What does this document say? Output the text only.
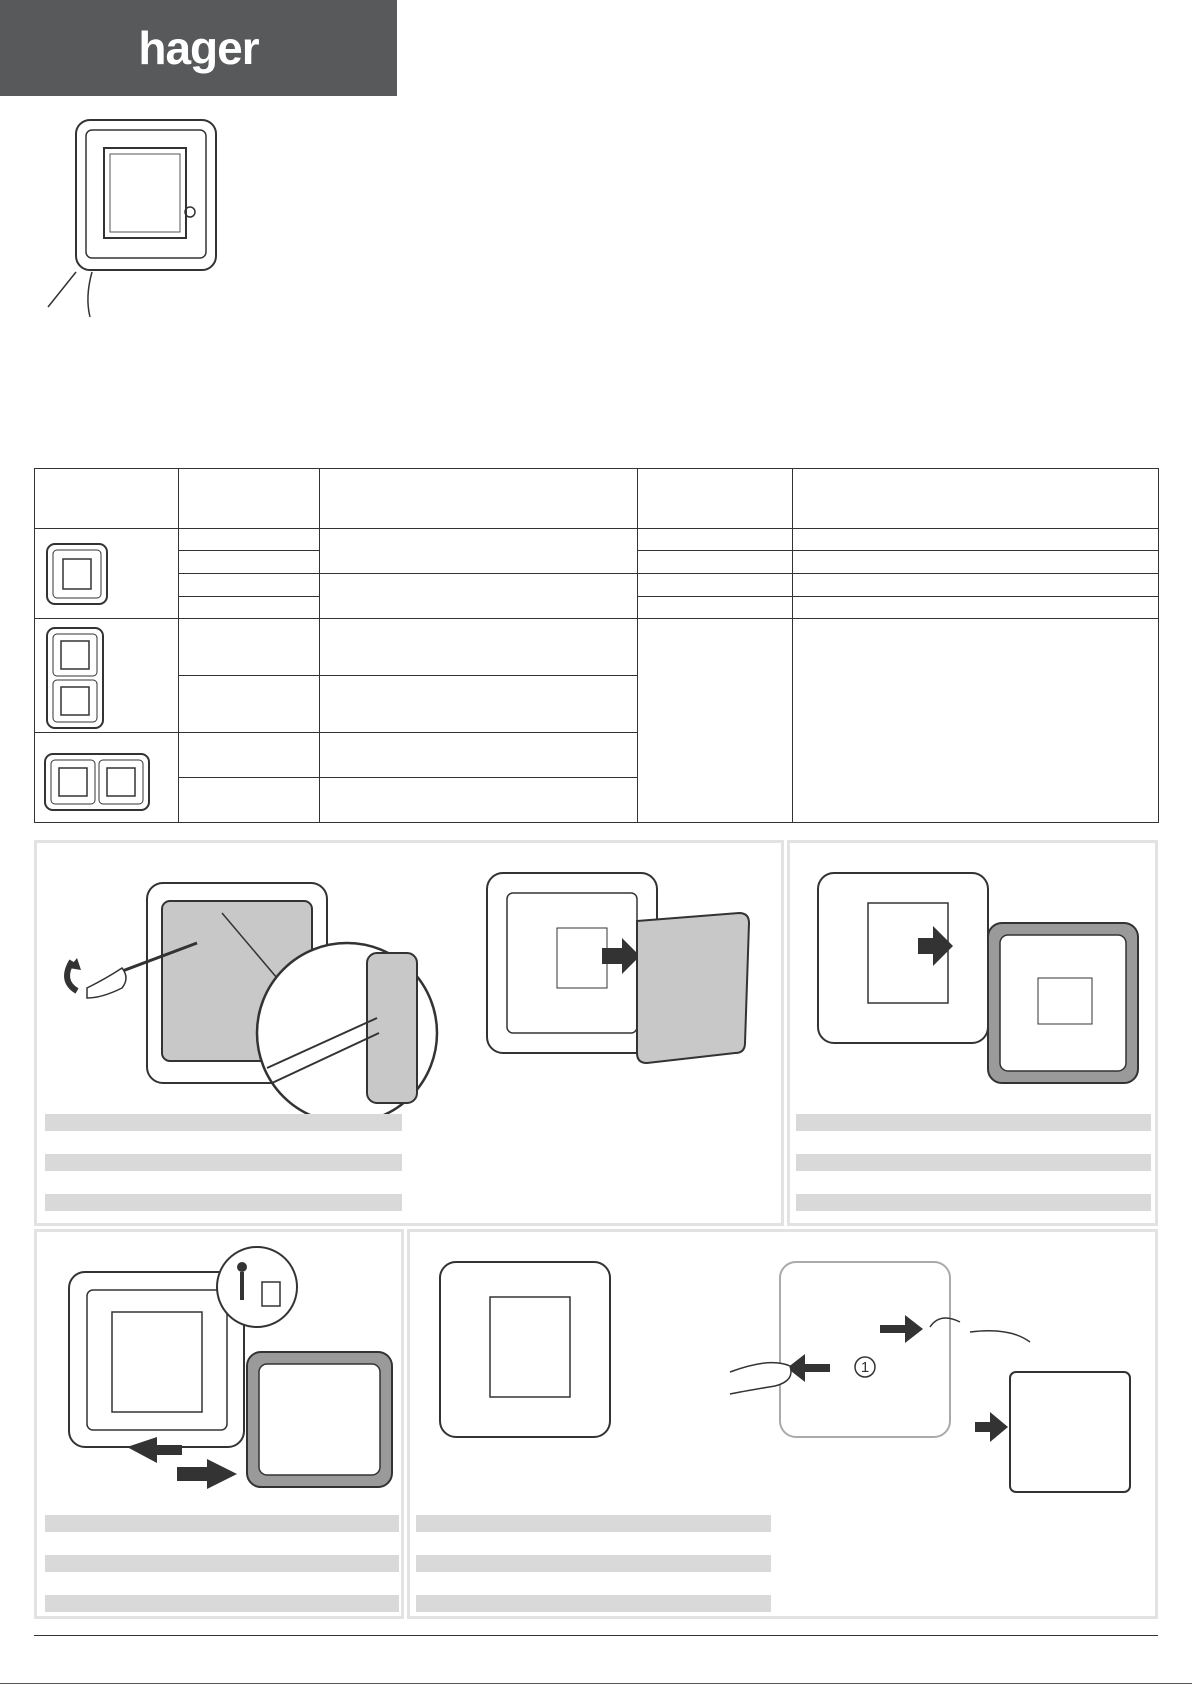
hager

1
